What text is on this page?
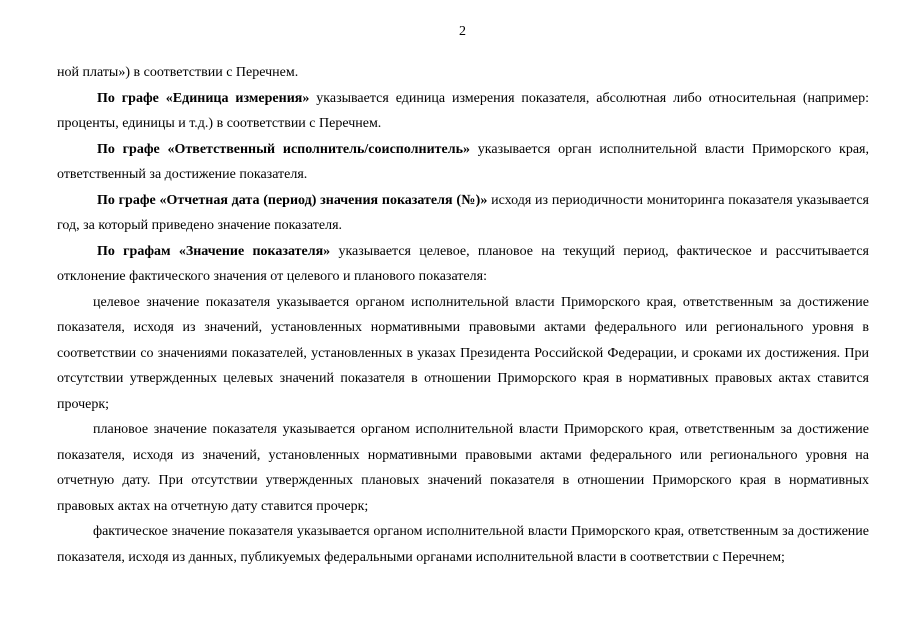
2

ной платы») в соответствии с Перечнем.

По графе «Единица измерения» указывается единица измерения показателя, абсолютная либо относительная (например: проценты, единицы и т.д.) в соответствии с Перечнем.

По графе «Ответственный исполнитель/соисполнитель» указывается орган исполнительной власти Приморского края, ответственный за достижение показателя.

По графе «Отчетная дата (период) значения показателя (№)» исходя из периодичности мониторинга показателя указывается год, за который приведено значение показателя.

По графам «Значение показателя» указывается целевое, плановое на текущий период, фактическое и рассчитывается отклонение фактического значения от целевого и планового показателя:

целевое значение показателя указывается органом исполнительной власти Приморского края, ответственным за достижение показателя, исходя из значений, установленных нормативными правовыми актами федерального или регионального уровня в соответствии со значениями показателей, установленных в указах Президента Российской Федерации, и сроками их достижения. При отсутствии утвержденных целевых значений показателя в отношении Приморского края в нормативных правовых актах ставится прочерк;

плановое значение показателя указывается органом исполнительной власти Приморского края, ответственным за достижение показателя, исходя из значений, установленных нормативными правовыми актами федерального или регионального уровня на отчетную дату. При отсутствии утвержденных плановых значений показателя в отношении Приморского края в нормативных правовых актах на отчетную дату ставится прочерк;

фактическое значение показателя указывается органом исполнительной власти Приморского края, ответственным за достижение показателя, исходя из данных, публикуемых федеральными органами исполнительной власти в соответствии с Перечнем;
